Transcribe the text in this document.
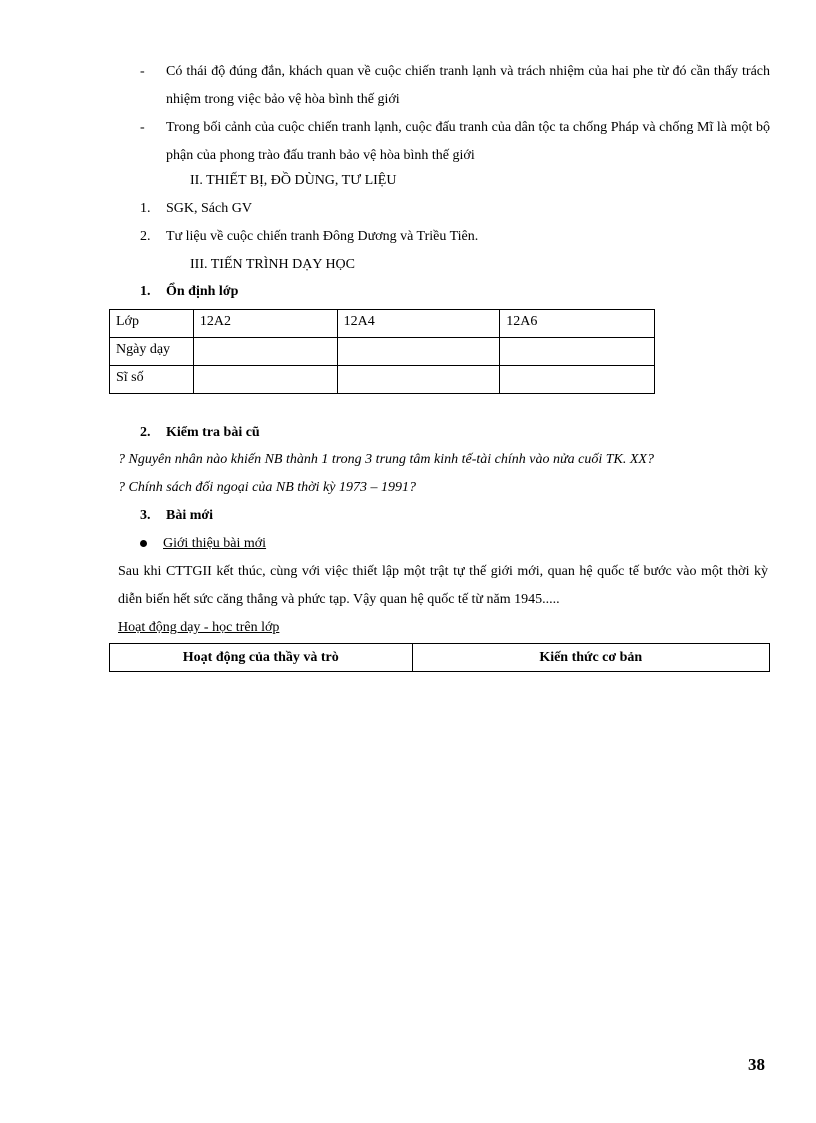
- Có thái độ đúng đắn, khách quan về cuộc chiến tranh lạnh và trách nhiệm của hai phe từ đó cần thấy trách nhiệm trong việc bảo vệ hòa bình thế giới
- Trong bối cảnh của cuộc chiến tranh lạnh, cuộc đấu tranh của dân tộc ta chống Pháp và chống Mĩ là một bộ phận của phong trào đấu tranh bảo vệ hòa bình thế giới
II. THIẾT BỊ, ĐỒ DÙNG, TƯ LIỆU
1. SGK, Sách GV
2. Tư liệu về cuộc chiến tranh Đông Dương và Triều Tiên.
III. TIẾN TRÌNH DẠY HỌC
1. Ổn định lớp
Lớp	12A2	12A4	12A6
Ngày dạy			
Sĩ số			
2. Kiểm tra bài cũ
? Nguyên nhân nào khiến NB thành 1 trong 3 trung tâm kinh tế-tài chính vào nửa cuối TK. XX?
? Chính sách đối ngoại của NB thời kỳ 1973 – 1991?
3. Bài mới
Giới thiệu bài mới
Sau khi CTTGII kết thúc, cùng với việc thiết lập một trật tự thế giới mới, quan hệ quốc tế bước vào một thời kỳ diễn biến hết sức căng thẳng và phức tạp. Vậy quan hệ quốc tế từ năm 1945.....
Hoạt động dạy - học trên lớp
Hoạt động của thầy và trò	Kiến thức cơ bản
38
